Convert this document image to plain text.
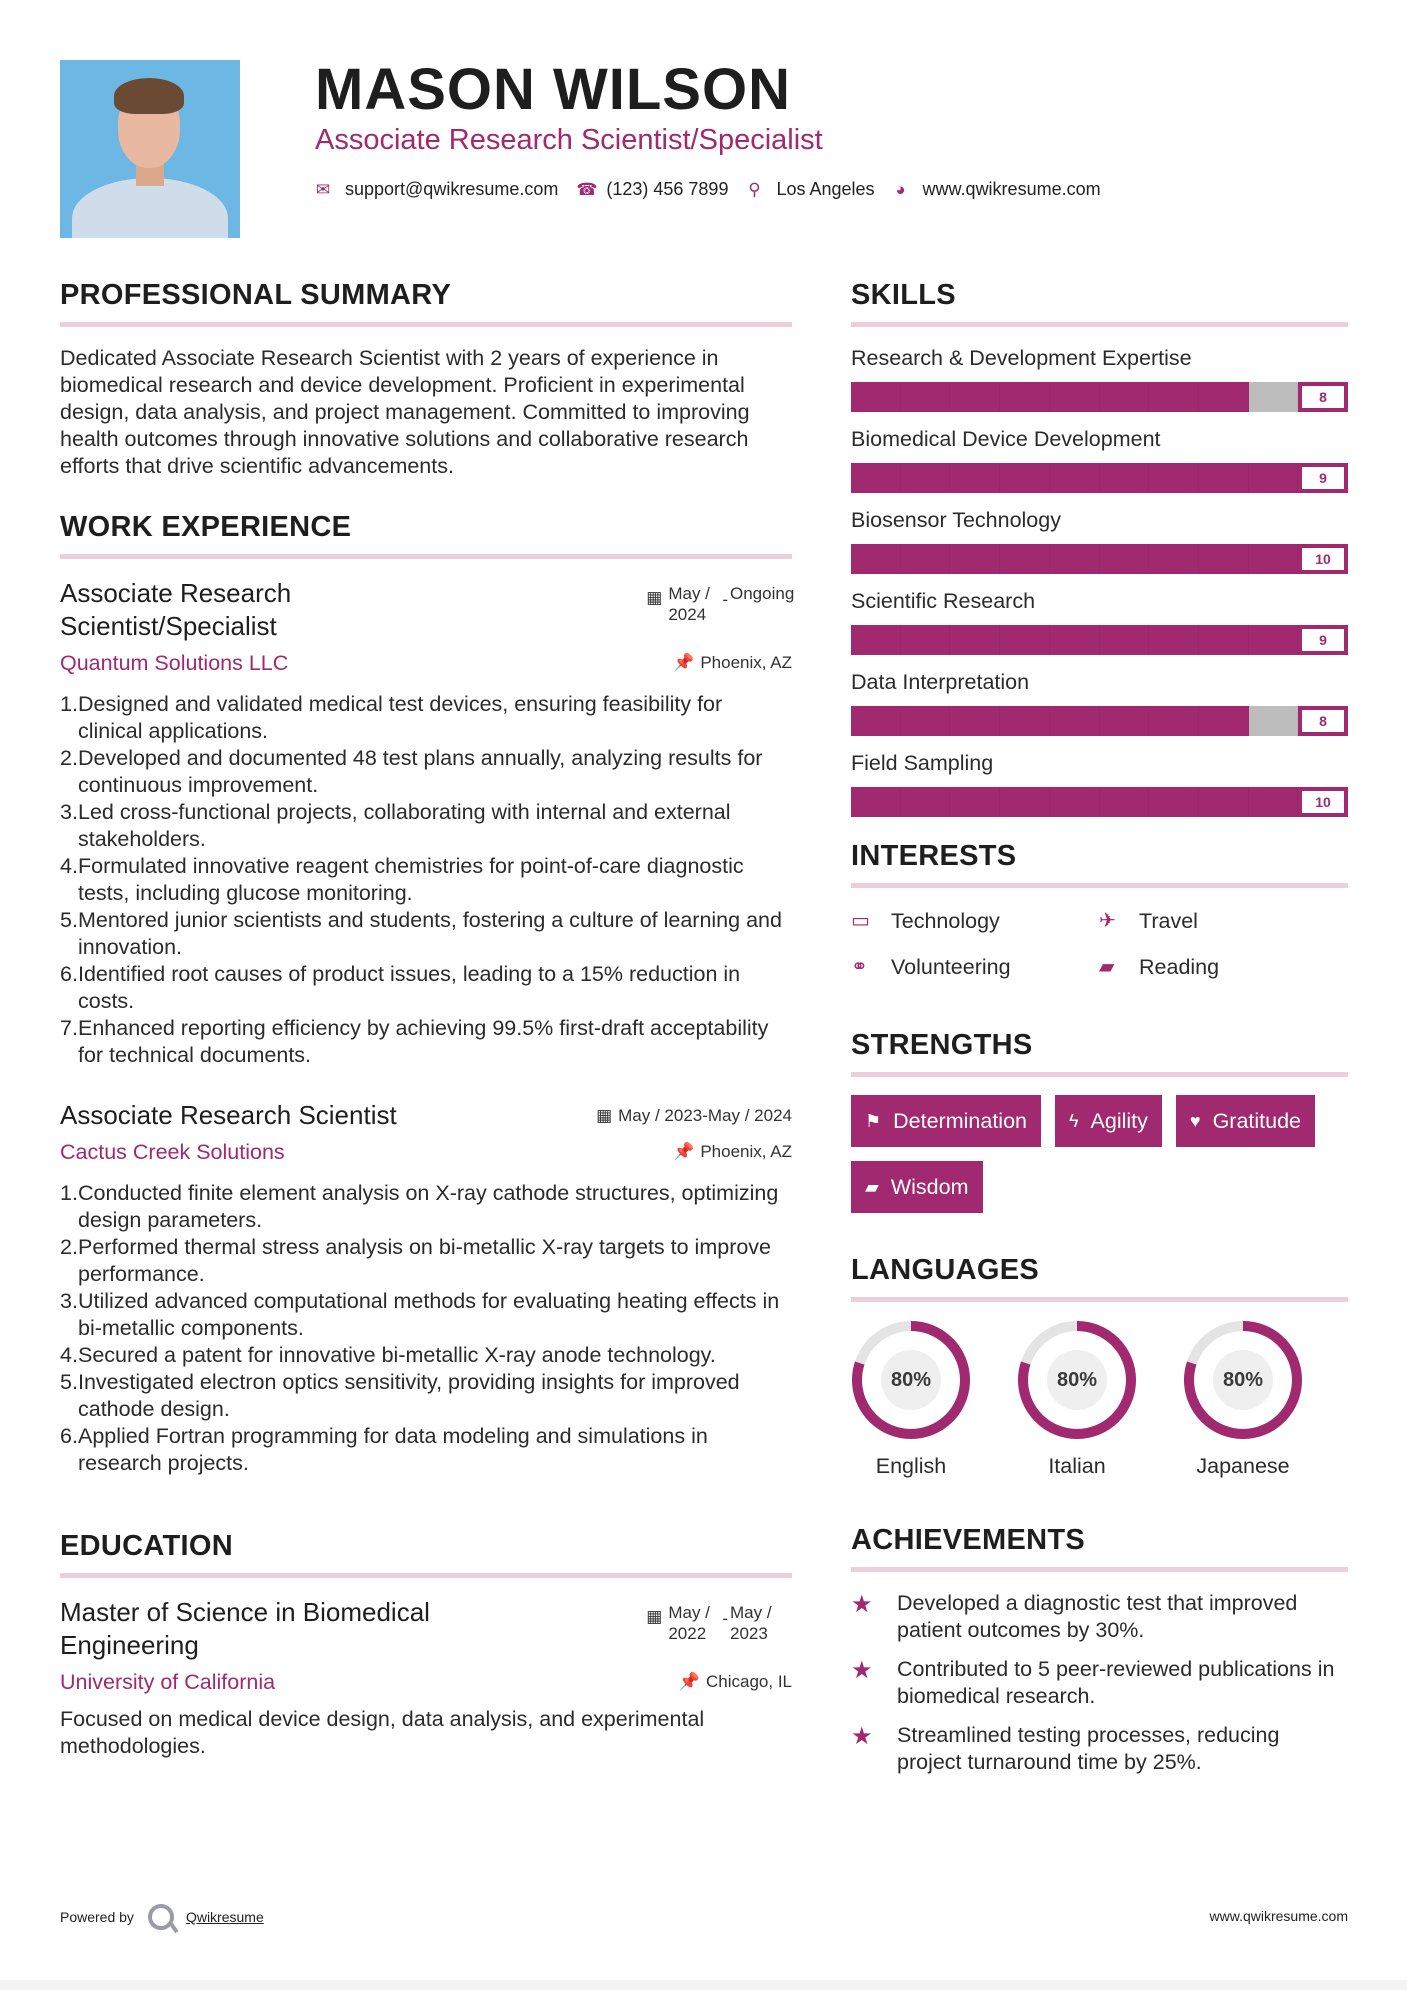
MASON WILSON
Associate Research Scientist/Specialist
✉ support@qwikresume.com ☎ (123) 456 7899 ⚲ Los Angeles ◕ www.qwikresume.com
PROFESSIONAL SUMMARY

Dedicated Associate Research Scientist with 2 years of experience in biomedical research and device development. Proficient in experimental design, data analysis, and project management. Committed to improving health outcomes through innovative solutions and collaborative research efforts that drive scientific advancements.

WORK EXPERIENCE
Associate Research Scientist/Specialist
▦ May / 2024
- Ongoing
Quantum Solutions LLC	📌 Phoenix, AZ
1.
Designed and validated medical test devices, ensuring feasibility for clinical applications.
2.
Developed and documented 48 test plans annually, analyzing results for continuous improvement.
3.
Led cross-functional projects, collaborating with internal and external stakeholders.
4.
Formulated innovative reagent chemistries for point-of-care diagnostic tests, including glucose monitoring.
5.
Mentored junior scientists and students, fostering a culture of learning and innovation.
6.
Identified root causes of product issues, leading to a 15% reduction in costs.
7.
Enhanced reporting efficiency by achieving 99.5% first-draft acceptability for technical documents.
Associate Research Scientist	▦ May / 2023-May / 2024
Cactus Creek Solutions	📌 Phoenix, AZ
1.
Conducted finite element analysis on X-ray cathode structures, optimizing design parameters.
2.
Performed thermal stress analysis on bi-metallic X-ray targets to improve performance.
3.
Utilized advanced computational methods for evaluating heating effects in bi-metallic components.
4.
Secured a patent for innovative bi-metallic X-ray anode technology.
5.
Investigated electron optics sensitivity, providing insights for improved cathode design.
6.
Applied Fortran programming for data modeling and simulations in research projects.
EDUCATION
Master of Science in Biomedical Engineering
▦ May / 2022
- May / 2023
University of California	📌 Chicago, IL

Focused on medical device design, data analysis, and experimental methodologies.

SKILLS
Research & Development Expertise
8
Biomedical Device Development
9
Biosensor Technology
10
Scientific Research
9
Data Interpretation
8
Field Sampling
10
INTERESTS
▭ Technology	✈	Travel
⚭	Volunteering	▰	Reading
STRENGTHS
⚑ Determination ϟ Agility ♥ Gratitude
▰ Wisdom
LANGUAGES
80%
English
80%
Italian
80%
Japanese
ACHIEVEMENTS
★	Developed a diagnostic test that improved patient outcomes by 30%.
★	Contributed to 5 peer-reviewed publications in biomedical research.
★	Streamlined testing processes, reducing project turnaround time by 25%.
Powered by	Qwikresume	www.qwikresume.com
